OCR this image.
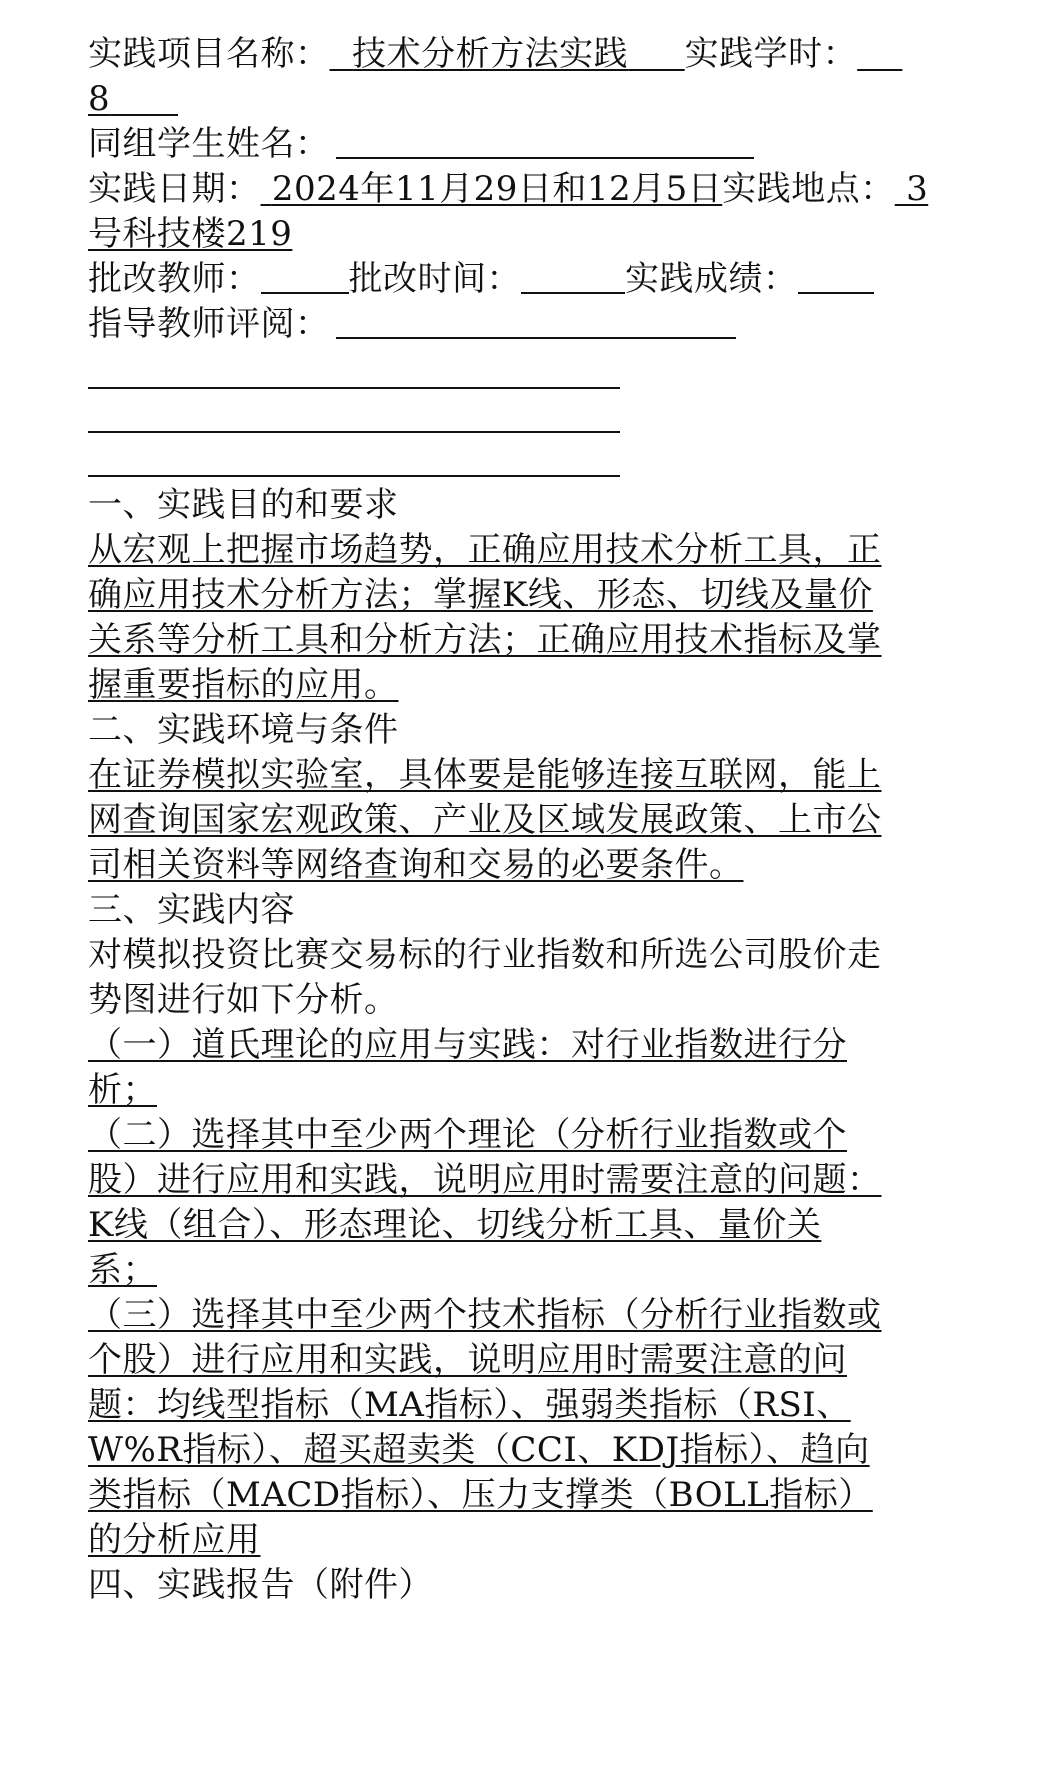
实践项目名称： 技术分析方法实践 实践学时：
8
同组学生姓名：
实践日期： 2024年11月29日和12月5日实践地点： 3
号科技楼219
批改教师：	批改时间：	实践成绩：
指导教师评阅：
一、实践目的和要求
从宏观上把握市场趋势，正确应用技术分析工具，正
确应用技术分析方法；掌握K线、形态、切线及量价
关系等分析工具和分析方法；正确应用技术指标及掌
握重要指标的应用。
二、实践环境与条件
在证券模拟实验室，具体要是能够连接互联网，能上
网查询国家宏观政策、产业及区域发展政策、上市公
司相关资料等网络查询和交易的必要条件。
三、实践内容
对模拟投资比赛交易标的行业指数和所选公司股价走
势图进行如下分析。
（一）道氏理论的应用与实践：对行业指数进行分
析；
（二）选择其中至少两个理论（分析行业指数或个
股）进行应用和实践，说明应用时需要注意的问题：
K线（组合）、形态理论、切线分析工具、量价关
系；
（三）选择其中至少两个技术指标（分析行业指数或
个股）进行应用和实践，说明应用时需要注意的问
题：均线型指标（MA指标）、强弱类指标（RSI、
W%R指标）、超买超卖类（CCI、KDJ指标）、趋向
类指标（MACD指标）、压力支撑类（BOLL指标）
的分析应用
四、实践报告（附件）
